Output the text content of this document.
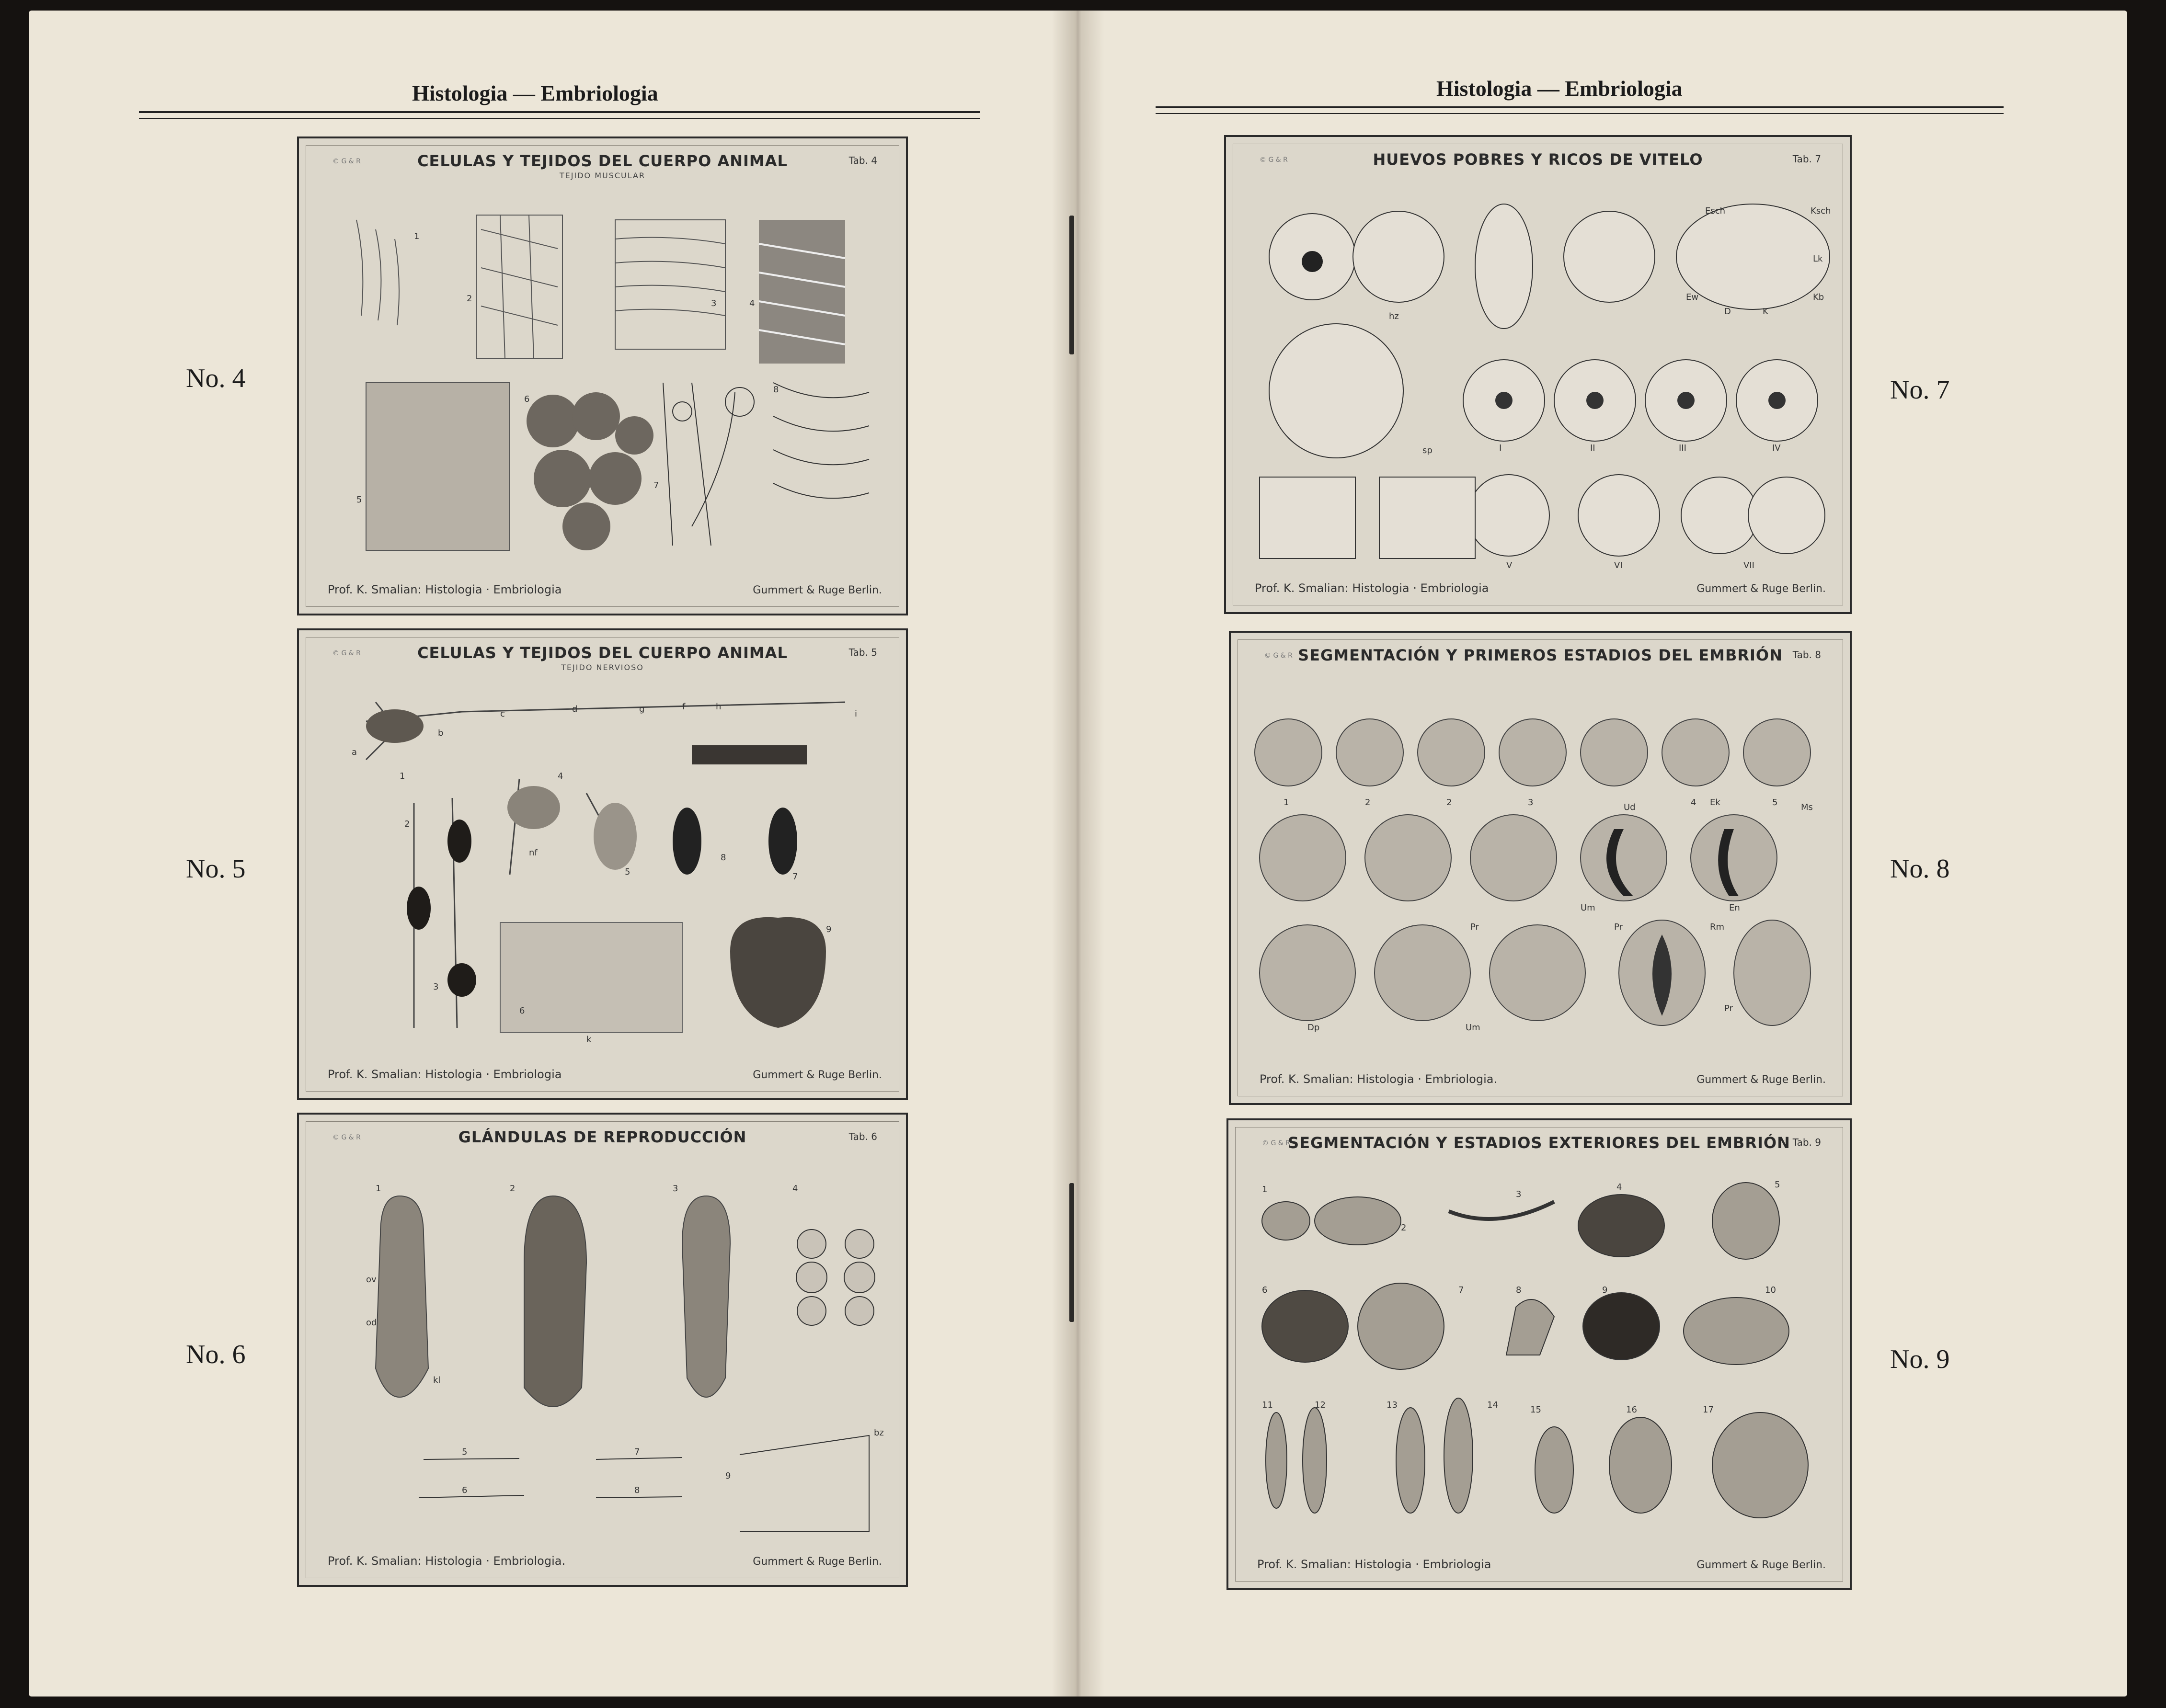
Histologia — Embriologia	Histologia — Embriologia
No. 4
No. 5
No. 6
No. 7
No. 8
No. 9
© G & R	CELULAS Y TEJIDOS DEL CUERPO ANIMAL
TEJIDO MUSCULAR
Tab. 4
1
2	3	4
5
6
7
8
Prof. K. Smalian: Histologia · Embriologia	Gummert & Ruge Berlin.
© G & R	CELULAS Y TEJIDOS DEL CUERPO ANIMAL
TEJIDO NERVIOSO
Tab. 5
a
b
c	d	g	f	h
i
1
2
3
4
5
6
7
8
9
nf
k
Prof. K. Smalian: Histologia · Embriologia	Gummert & Ruge Berlin.
© G & R	GLÁNDULAS DE REPRODUCCIÓN	Tab. 6
1	2	3	4
5
6
7
8
9
ov
od
kl
bz
Prof. K. Smalian: Histologia · Embriologia.	Gummert & Ruge Berlin.
© G & R	HUEVOS POBRES Y RICOS DE VITELO	Tab. 7
Esch	Ksch
Lk
Kb
Ew
D	K
hz
sp	I	II	III	IV
V	VI	VII
Prof. K. Smalian: Histologia · Embriologia	Gummert & Ruge Berlin.
© G & R SEGMENTACIÓN Y PRIMEROS ESTADIOS DEL EMBRIÓN	Tab. 8
1	2	2	3	4	5
Ud	Ek	Ms
Um	En
Pr	Pr	Rm
Pr
Dp	Um
Prof. K. Smalian: Histologia · Embriologia.	Gummert & Ruge Berlin.
© G & R
SEGMENTACIÓN Y ESTADIOS EXTERIORES DEL EMBRIÓN Tab. 9
1
2
3
4	5
6	7	8	9	10
11	12	13	14	15	16	17
Prof. K. Smalian: Histologia · Embriologia	Gummert & Ruge Berlin.
